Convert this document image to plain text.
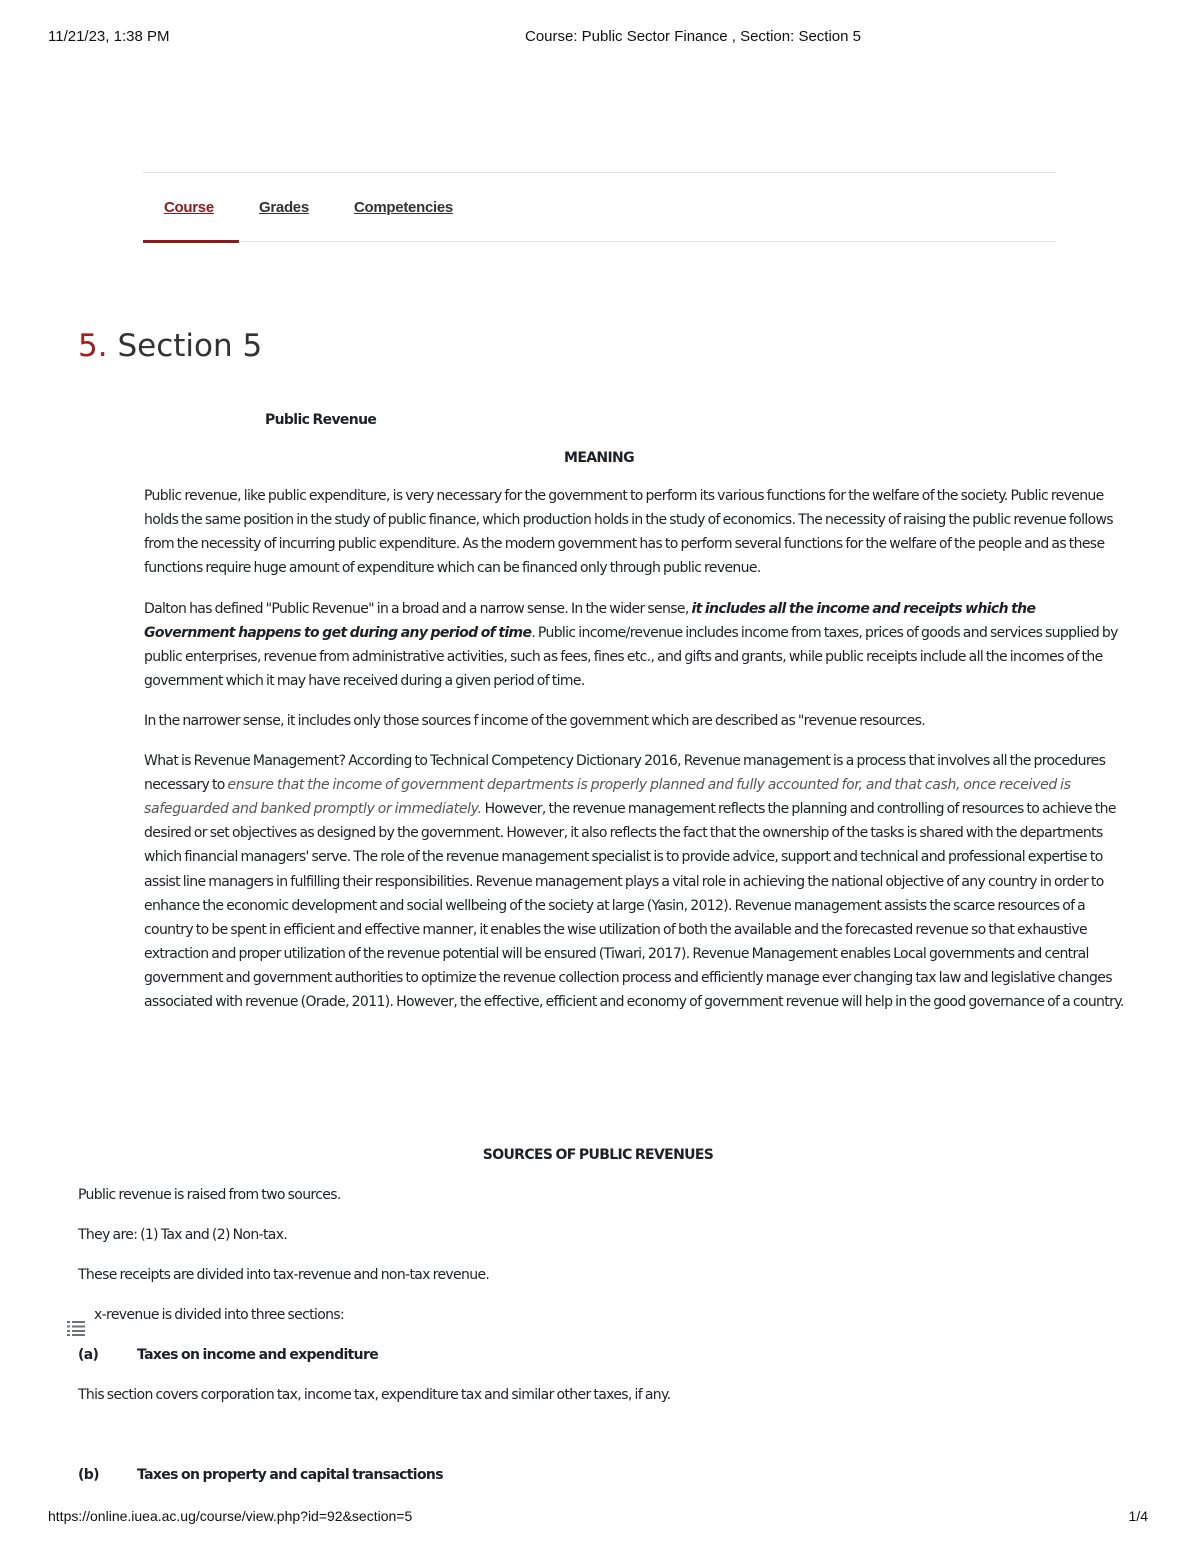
11/21/23, 1:38 PM	Course: Public Sector Finance , Section: Section 5
Course	Grades	Competencies
5. Section 5

Public Revenue

MEANING

Public revenue, like public expenditure, is very necessary for the government to perform its various functions for the welfare of the society. Public revenue holds the same position in the study of public finance, which production holds in the study of economics. The necessity of raising the public revenue follows from the necessity of incurring public expenditure. As the modern government has to perform several functions for the welfare of the people and as these functions require huge amount of expenditure which can be financed only through public revenue.

Dalton has defined "Public Revenue" in a broad and a narrow sense. In the wider sense, it includes all the income and receipts which the Government happens to get during any period of time. Public income/revenue includes income from taxes, prices of goods and services supplied by public enterprises, revenue from administrative activities, such as fees, fines etc., and gifts and grants, while public receipts include all the incomes of the government which it may have received during a given period of time.

In the narrower sense, it includes only those sources f income of the government which are described as "revenue resources.

What is Revenue Management? According to Technical Competency Dictionary 2016, Revenue management is a process that involves all the procedures necessary to ensure that the income of government departments is properly planned and fully accounted for, and that cash, once received is safeguarded and banked promptly or immediately. However, the revenue management reflects the planning and controlling of resources to achieve the desired or set objectives as designed by the government. However, it also reflects the fact that the ownership of the tasks is shared with the departments which financial managers' serve. The role of the revenue management specialist is to provide advice, support and technical and professional expertise to assist line managers in fulfilling their responsibilities. Revenue management plays a vital role in achieving the national objective of any country in order to enhance the economic development and social wellbeing of the society at large (Yasin, 2012). Revenue management assists the scarce resources of a country to be spent in efficient and effective manner, it enables the wise utilization of both the available and the forecasted revenue so that exhaustive extraction and proper utilization of the revenue potential will be ensured (Tiwari, 2017). Revenue Management enables Local governments and central government and government authorities to optimize the revenue collection process and efficiently manage ever changing tax law and legislative changes associated with revenue (Orade, 2011). However, the effective, efficient and economy of government revenue will help in the good governance of a country.

SOURCES OF PUBLIC REVENUES

Public revenue is raised from two sources.

They are: (1) Tax and (2) Non-tax.

These receipts are divided into tax-revenue and non-tax revenue.

x-revenue is divided into three sections:

(a)	Taxes on income and expenditure

This section covers corporation tax, income tax, expenditure tax and similar other taxes, if any.

(b)	Taxes on property and capital transactions

https://online.iuea.ac.ug/course/view.php?id=92&section=5	1/4
